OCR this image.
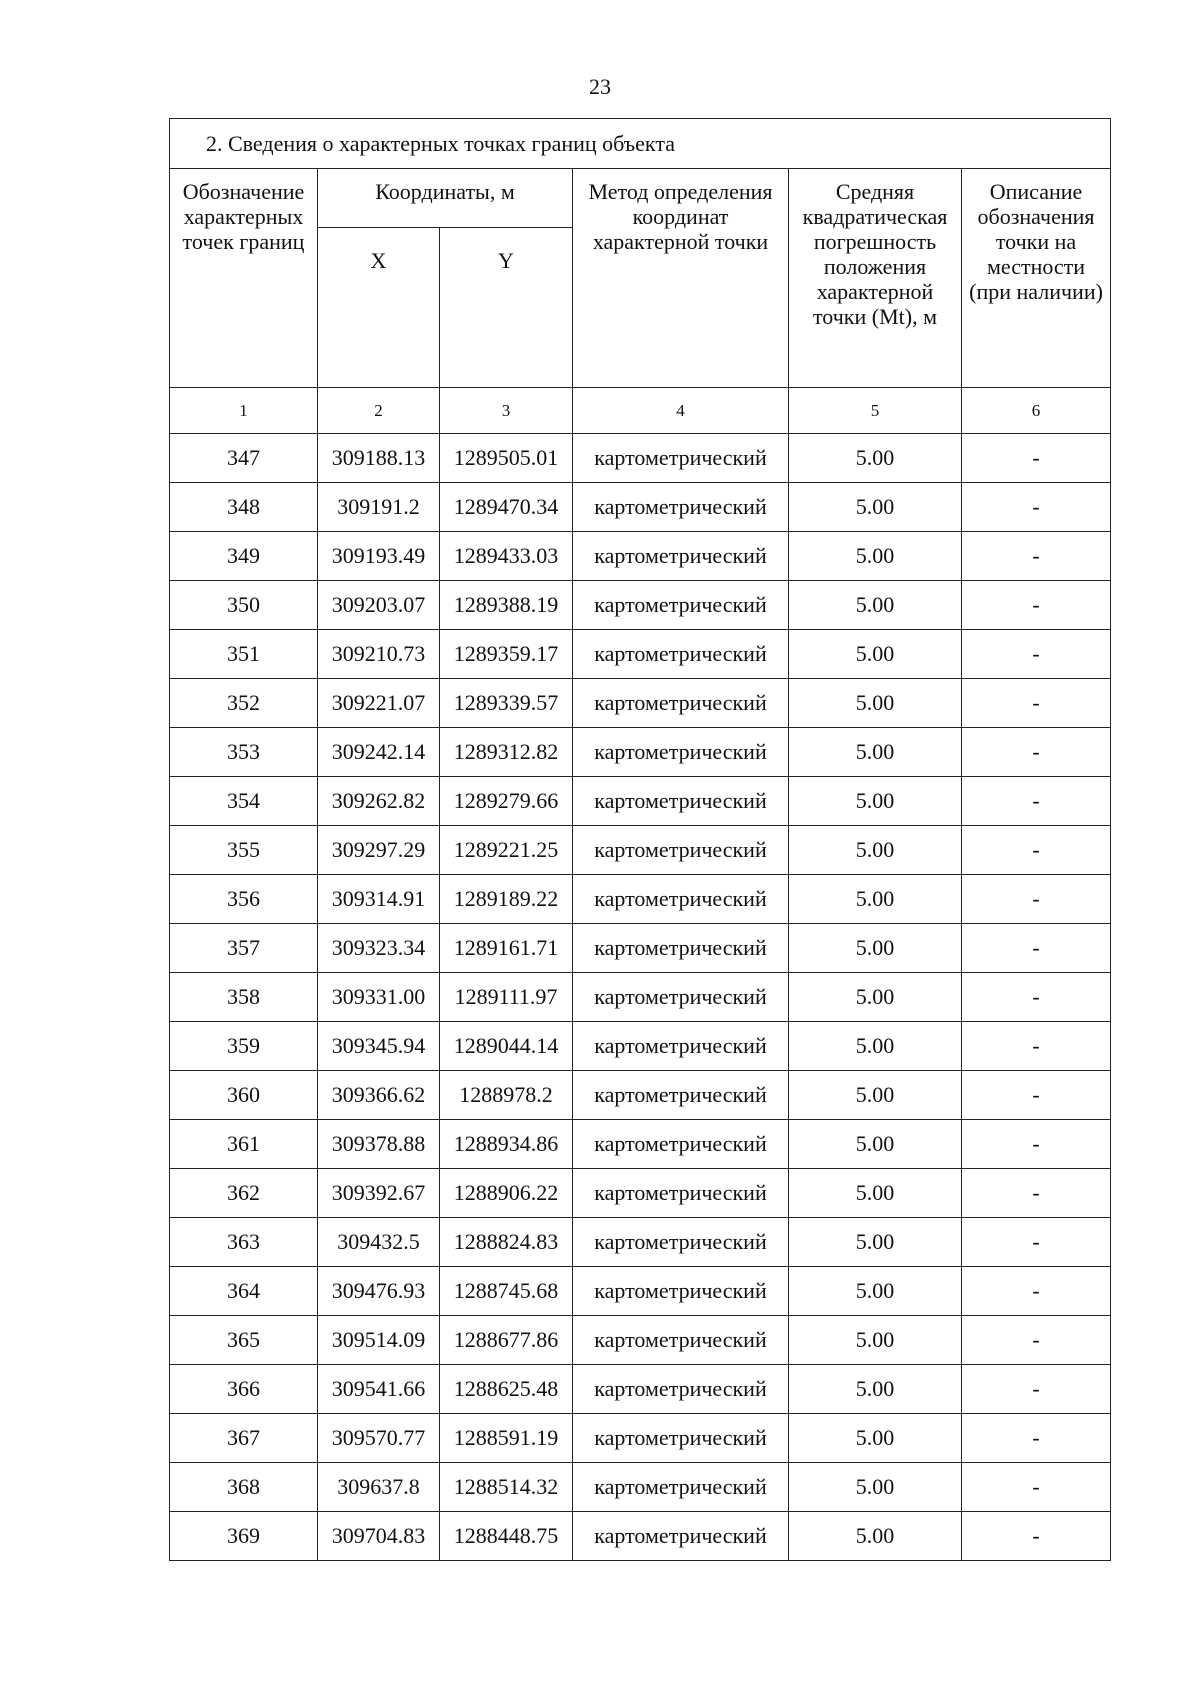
23
2. Сведения о характерных точках границ объекта					
Обозначение характерных точек границ	Координаты, м		Метод определения координат характерной точки	Средняя квадратическая погрешность положения характерной точки (Mt), м	Описание обозначения точки на местности (при наличии)
	X	Y			
1	2	3	4	5	6
347	309188.13	1289505.01	картометрический	5.00	-
348	309191.2	1289470.34	картометрический	5.00	-
349	309193.49	1289433.03	картометрический	5.00	-
350	309203.07	1289388.19	картометрический	5.00	-
351	309210.73	1289359.17	картометрический	5.00	-
352	309221.07	1289339.57	картометрический	5.00	-
353	309242.14	1289312.82	картометрический	5.00	-
354	309262.82	1289279.66	картометрический	5.00	-
355	309297.29	1289221.25	картометрический	5.00	-
356	309314.91	1289189.22	картометрический	5.00	-
357	309323.34	1289161.71	картометрический	5.00	-
358	309331.00	1289111.97	картометрический	5.00	-
359	309345.94	1289044.14	картометрический	5.00	-
360	309366.62	1288978.2	картометрический	5.00	-
361	309378.88	1288934.86	картометрический	5.00	-
362	309392.67	1288906.22	картометрический	5.00	-
363	309432.5	1288824.83	картометрический	5.00	-
364	309476.93	1288745.68	картометрический	5.00	-
365	309514.09	1288677.86	картометрический	5.00	-
366	309541.66	1288625.48	картометрический	5.00	-
367	309570.77	1288591.19	картометрический	5.00	-
368	309637.8	1288514.32	картометрический	5.00	-
369	309704.83	1288448.75	картометрический	5.00	-
